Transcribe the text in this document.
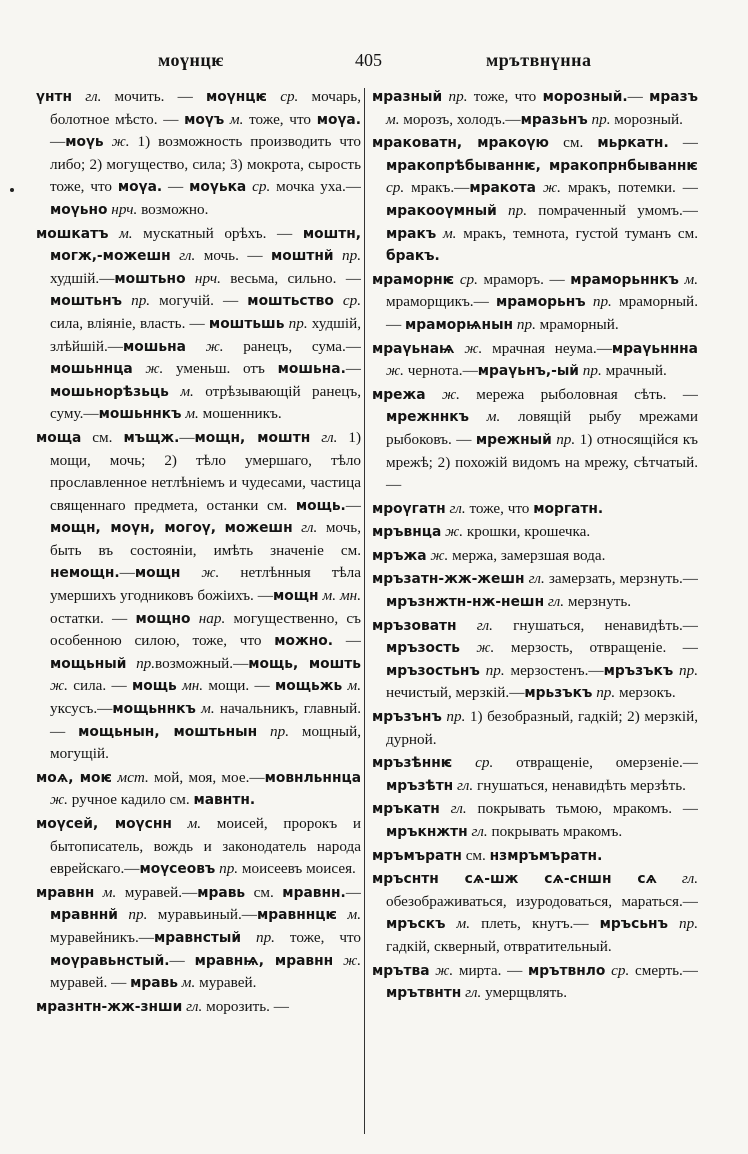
моүнцѥ	405	мрътвнүнна

үнтн гл. мочить. — моүнцѥ ср. мочарь, болотное мѣсто. — моүъ м. тоже, что моүа.—моүь ж. 1) возможность производить что либо; 2) могущество, сила; 3) мокрота, сырость тоже, что моүа. — моүька ср. мочка уха.—моүьно нрч. возможно.

мошкатъ м. мускатный орѣхъ. — моштн, могж,-можешн гл. мочь. — моштнй пр. худшій.—моштьно нрч. весьма, сильно. — моштьнъ пр. могучій. — моштьство ср. сила, вліяніе, власть. — моштьшь пр. худшій, злѣйшій.—мошьна ж. ранецъ, сума.—мошьннца ж. уменьш. отъ мошьна.—мошьнорѣзьць м. отрѣзывающій ранецъ, суму.—мошьннкъ м. мошенникъ.

моща см. мъщж.—мощн, моштн гл. 1) мощи, мочь; 2) тѣло умершаго, тѣло прославленное нетлѣніемъ и чудесами, частица священнаго предмета, останки см. мощь.—мощн, моүн, могоү, можешн гл. мочь, быть въ состояніи, имѣть значеніе см. немощн.—мощн ж. нетлѣнныя тѣла умершихъ угодниковъ божіихъ. —мощн м. мн. остатки. — мощно нар. могущественно, съ особенною силою, тоже, что можно. — мощьный пр.возможный.—мощь, мошть ж. сила. — мощь мн. мощи. — мощьжь м. уксусъ.—мощьннкъ м. начальникъ, главный.— мощьнын, моштьнын пр. мощный, могущій.

моѧ, моѥ мст. мой, моя, мое.—мовнльннца ж. ручное кадило см. мавнтн.

моүсей, моүснн м. моисей, пророкъ и бытописатель, вождь и законодатель народа еврейскаго.—моүсеовъ пр. моисеевъ моисея.

мравнн м. муравей.—мравь см. мравнн.—мравннй пр. муравьиный.—мравннцѥ м. муравейникъ.—мравнстый пр. тоже, что моүравьнстый.— мравнѩ, мравнн ж. муравей. — мравь м. муравей.

мразнтн-жж-знши гл. морозить. —

мразный пр. тоже, что морозный.— мразъ м. морозъ, холодъ.—мразьнъ пр. морозный.

мраковатн, мракоүю см. мьркатн. — мракопрѣбываннѥ, мракопрнбываннѥ ср. мракъ.—мракота ж. мракъ, потемки. — мракооүмный пр. помраченный умомъ.—мракъ м. мракъ, темнота, густой туманъ см. бракъ.

мраморнѥ ср. мраморъ. — мраморьннкъ м. мраморщикъ.— мраморьнъ пр. мраморный.— мраморѩнын пр. мраморный.

мраүьнаѩ ж. мрачная неума.—мраүьннна ж. чернота.—мраүьнъ,-ый пр. мрачный.

мрежа ж. мережа рыболовная сѣть. — мрежннкъ м. ловящій рыбу мрежами рыбоковъ. — мрежный пр. 1) относящійся къ мрежѣ; 2) похожій видомъ на мрежу, сѣтчатый.—

мроүгатн гл. тоже, что моргатн.

мръвнца ж. крошки, крошечка.

мръжа ж. мержа, замерзшая вода.

мръзатн-жж-жешн гл. замерзать, мерзнуть.—мръзнжтн-нж-нешн гл. мерзнуть.

мръзоватн гл. гнушаться, ненавидѣть.—мръзость ж. мерзость, отвращеніе. — мръзостьнъ пр. мерзостенъ.—мръзъкъ пр. нечистый, мерзкій.—мрьзъкъ пр. мерзокъ.

мръзънъ пр. 1) безобразный, гадкій; 2) мерзкій, дурной.

мръзѣннѥ ср. отвращеніе, омерзеніе.—мръзѣтн гл. гнушаться, ненавидѣть мерзѣть.

мръкатн гл. покрывать тьмою, мракомъ. — мръкнжтн гл. покрывать мракомъ.

мръмъратн см. нзмръмъратн.

мръснтн сѧ-шж сѧ-сншн сѧ гл. обезображиваться, изуродоваться, мараться.—мръскъ м. плеть, кнутъ.— мръсьнъ пр. гадкій, скверный, отвратительный.

мрътва ж. мирта. — мрътвнло ср. смерть.—мрътвнтн гл. умерщвлять.
